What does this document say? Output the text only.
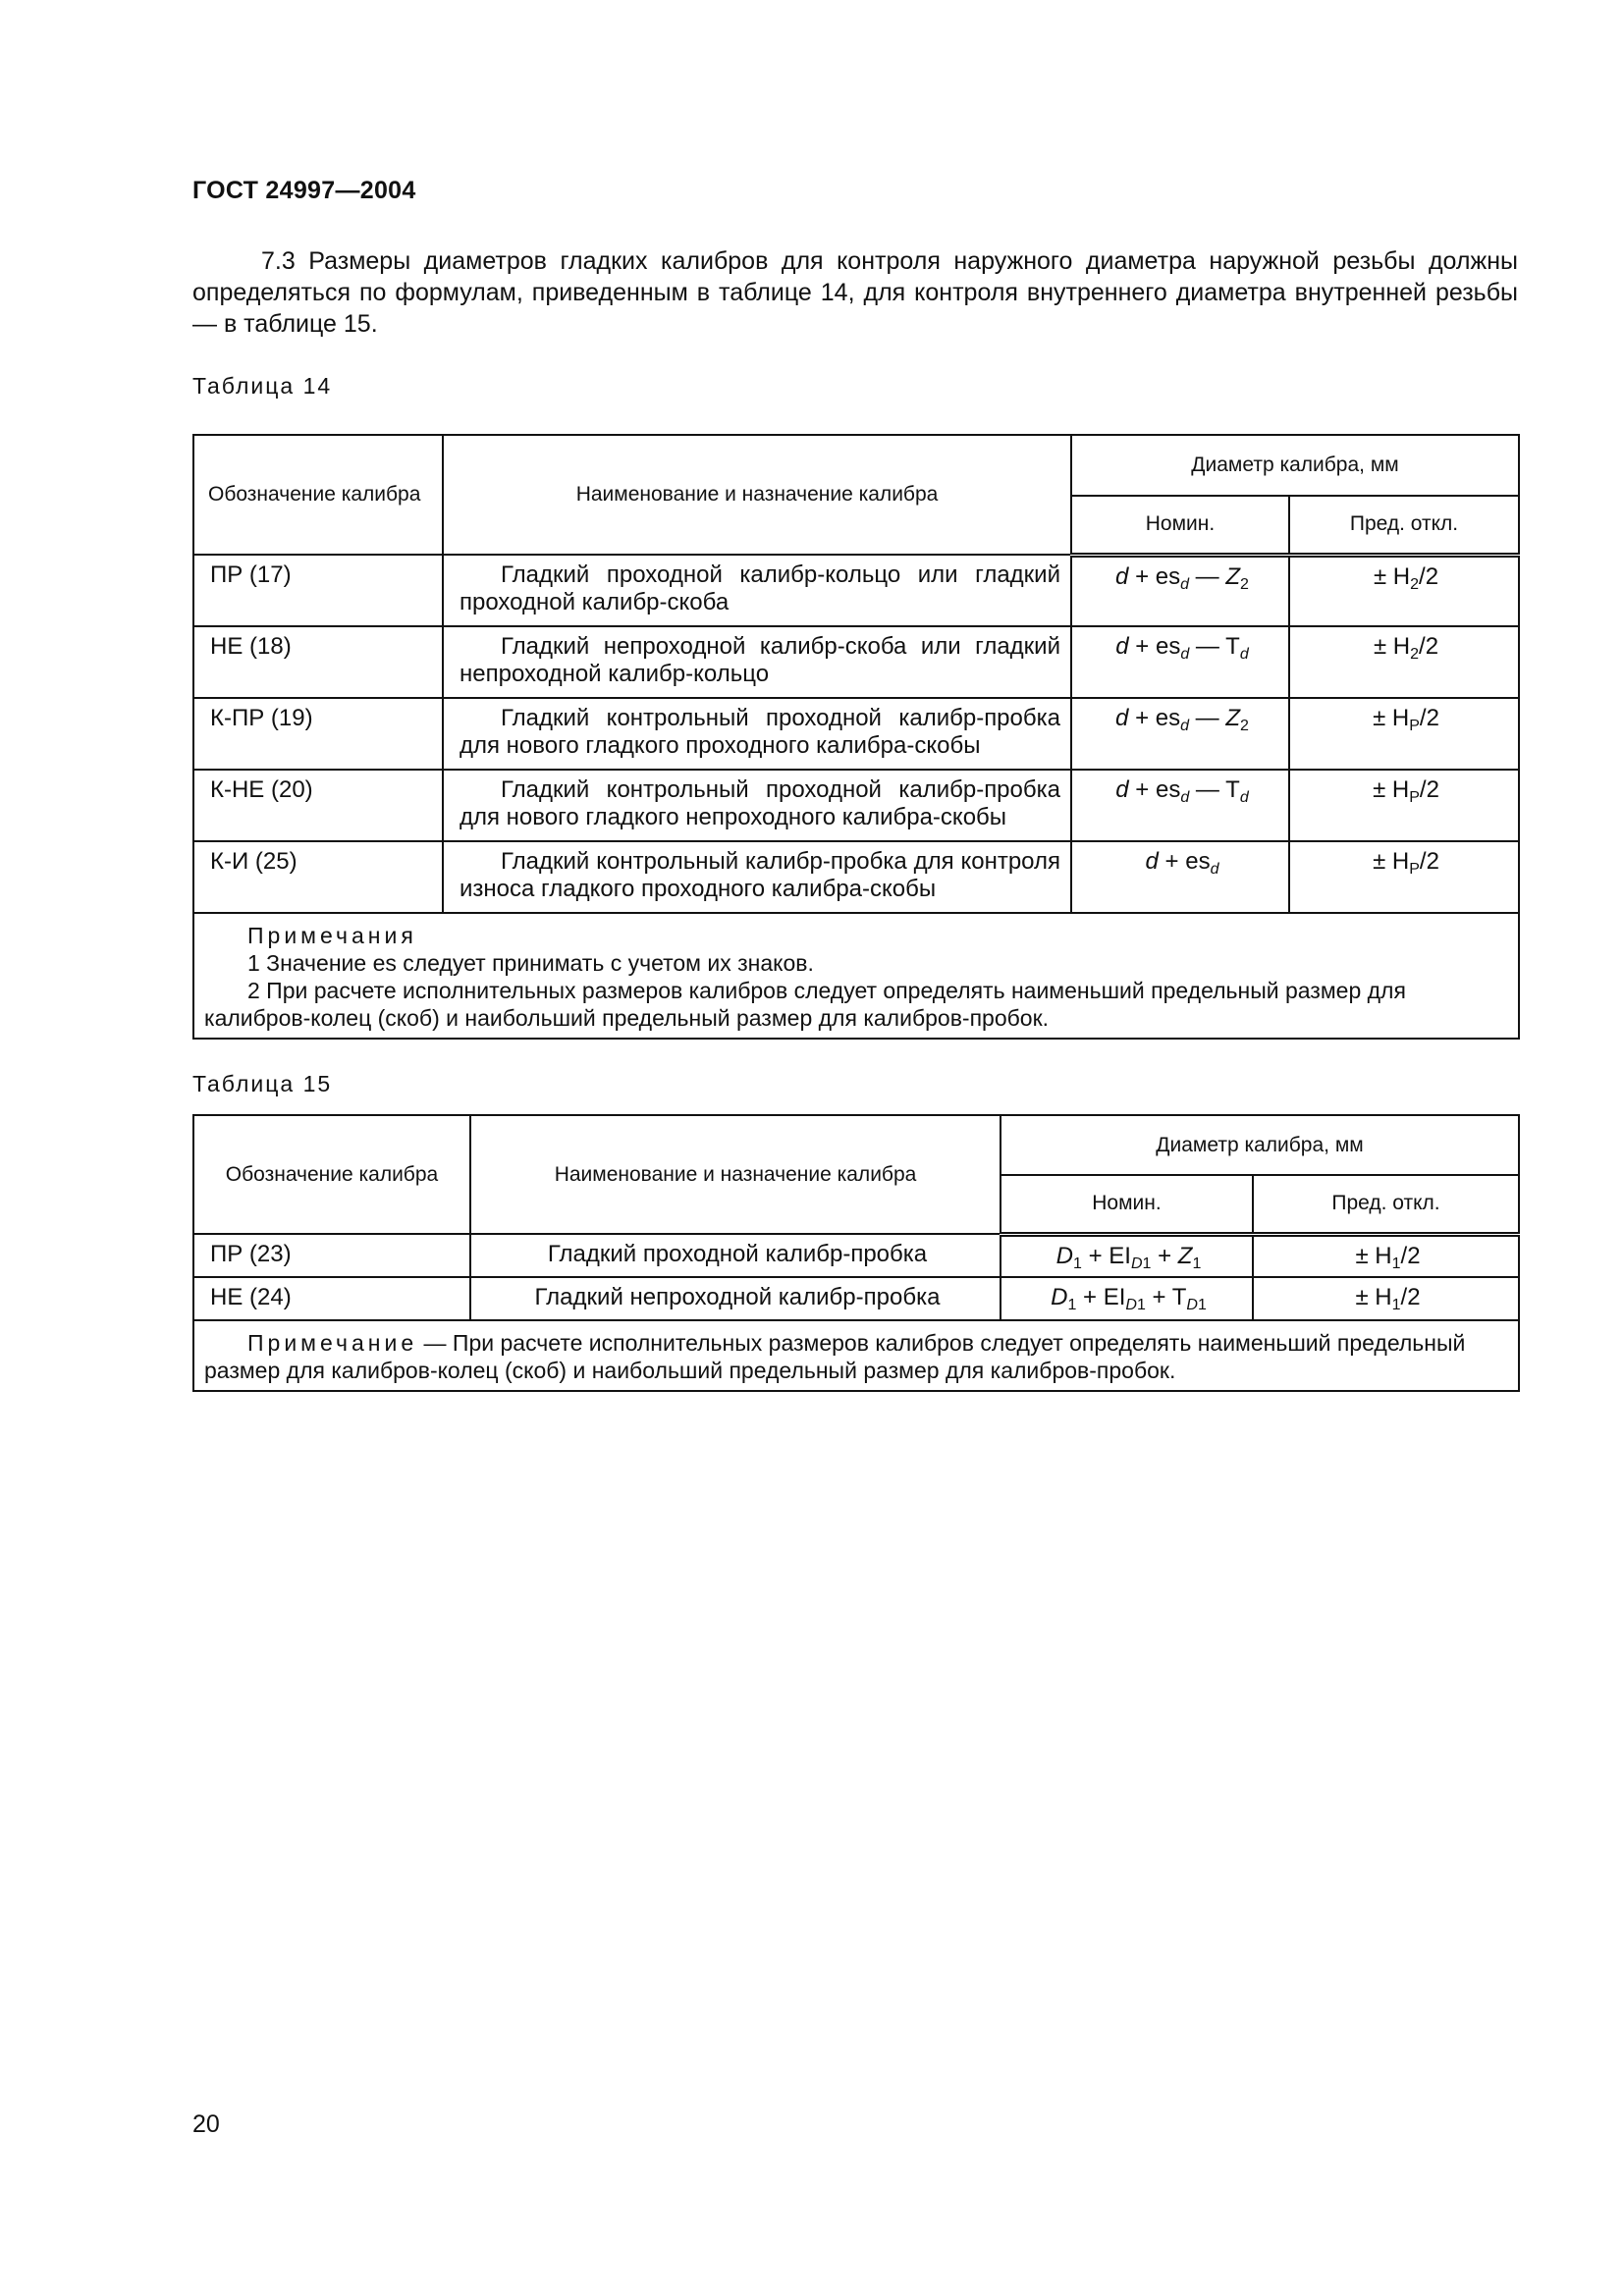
ГОСТ 24997—2004

7.3 Размеры диаметров гладких калибров для контроля наружного диаметра наружной резьбы должны определяться по формулам, приведенным в таблице 14, для контроля внутреннего диаметра внутренней резьбы — в таблице 15.

Таблица 14
Обозначение калибра	Наименование и назначение калибра	Диаметр калибра, мм	
		Номин.	Пред. откл.
ПР (17)	Гладкий проходной калибр-кольцо или гладкий проходной калибр-скоба	$d + es_d$ — $Z_2$	± $H_2/2$
НЕ (18)	Гладкий непроходной калибр-скоба или гладкий непроходной калибр-кольцо	$d + es_d$ — $T_d$	± $H_2/2$
К-ПР (19)	Гладкий контрольный проходной калибр-пробка для нового гладкого проходного калибра-скобы	$d + es_d$ — $Z_2$	± $H_P/2$
К-НЕ (20)	Гладкий контрольный проходной калибр-пробка для нового гладкого непроходного калибра-скобы	$d + es_d$ — $T_d$	± $H_P/2$
К-И (25)	Гладкий контрольный калибр-пробка для контроля износа гладкого проходного калибра-скобы	$d + es_d$	± $H_P/2$

Примечания

1 Значение es следует принимать с учетом их знаков.

2 При расчете исполнительных размеров калибров следует определять наименьший предельный размер для калибров-колец (скоб) и наибольший предельный размер для калибров-пробок.			

Таблица 15
Обозначение калибра	Наименование и назначение калибра	Диаметр калибра, мм	
		Номин.	Пред. откл.
ПР (23)	Гладкий проходной калибр-пробка	$D_1 + EI_{D1} + Z_1$	± $H_1/2$
НЕ (24)	Гладкий непроходной калибр-пробка	$D_1 + EI_{D1} + T_{D1}$	± $H_1/2$

Примечание — При расчете исполнительных размеров калибров следует определять наименьший предельный размер для калибров-колец (скоб) и наибольший предельный размер для калибров-пробок.			

20
